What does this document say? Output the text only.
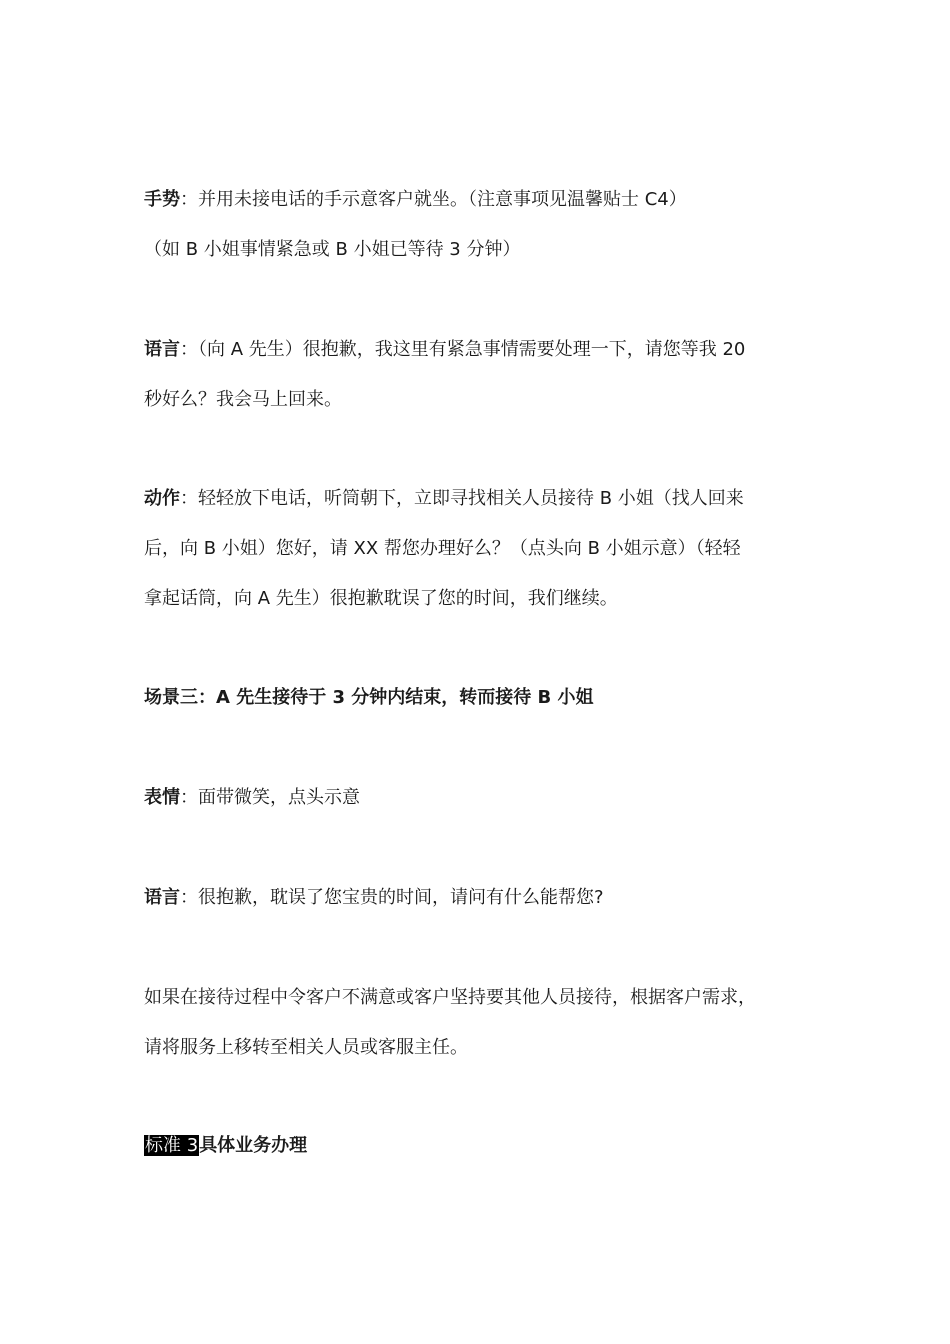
手势：并用未接电话的手示意客户就坐。（注意事项见温馨贴士 C4）
（如 B 小姐事情紧急或 B 小姐已等待 3 分钟）
语言：（向 A 先生）很抱歉，我这里有紧急事情需要处理一下，请您等我 20
秒好么？我会马上回来。
动作：轻轻放下电话，听筒朝下，立即寻找相关人员接待 B 小姐（找人回来
后，向 B 小姐）您好，请 XX 帮您办理好么？（点头向 B 小姐示意）（轻轻
拿起话筒，向 A 先生）很抱歉耽误了您的时间，我们继续。
场景三：A 先生接待于 3 分钟内结束，转而接待 B 小姐
表情：面带微笑，点头示意
语言：很抱歉，耽误了您宝贵的时间，请问有什么能帮您?
如果在接待过程中令客户不满意或客户坚持要其他人员接待，根据客户需求，
请将服务上移转至相关人员或客服主任。
标准 3具体业务办理
